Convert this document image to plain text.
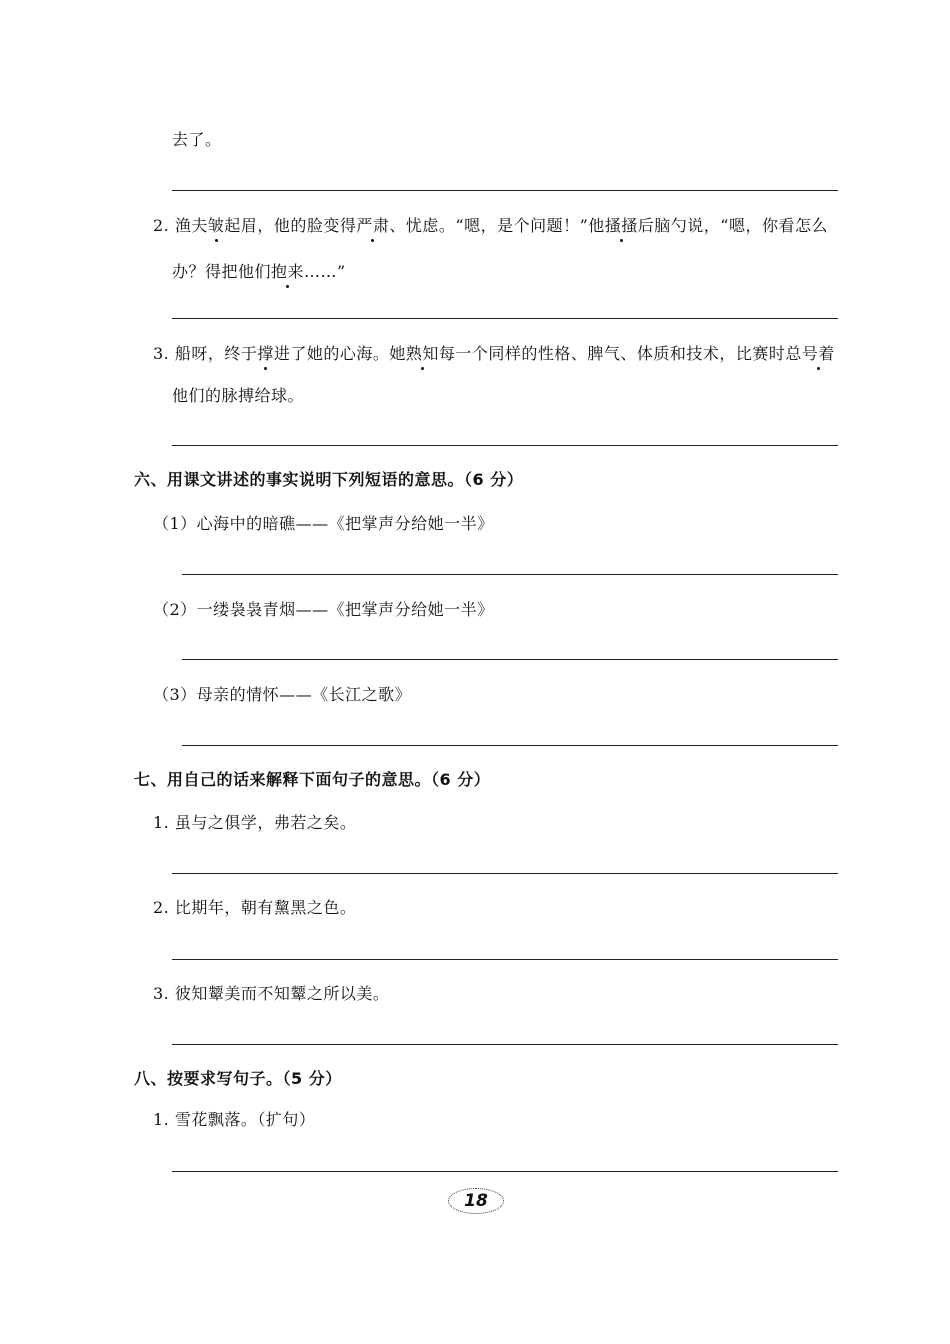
去了。
2. 渔夫皱起眉，他的脸变得严肃、忧虑。“嗯，是个问题！”他搔搔后脑勺说，“嗯，你看怎么
办？得把他们抱来……”
3. 船呀，终于撑进了她的心海。她熟知每一个同样的性格、脾气、体质和技术，比赛时总号着
他们的脉搏给球。
六、用课文讲述的事实说明下列短语的意思。（6 分）
（1）心海中的暗礁——《把掌声分给她一半》
（2）一缕袅袅青烟——《把掌声分给她一半》
（3）母亲的情怀——《长江之歌》
七、用自己的话来解释下面句子的意思。（6 分）
1. 虽与之俱学，弗若之矣。
2. 比期年，朝有黧黑之色。
3. 彼知颦美而不知颦之所以美。
八、按要求写句子。（5 分）
1. 雪花飘落。（扩句）
18
